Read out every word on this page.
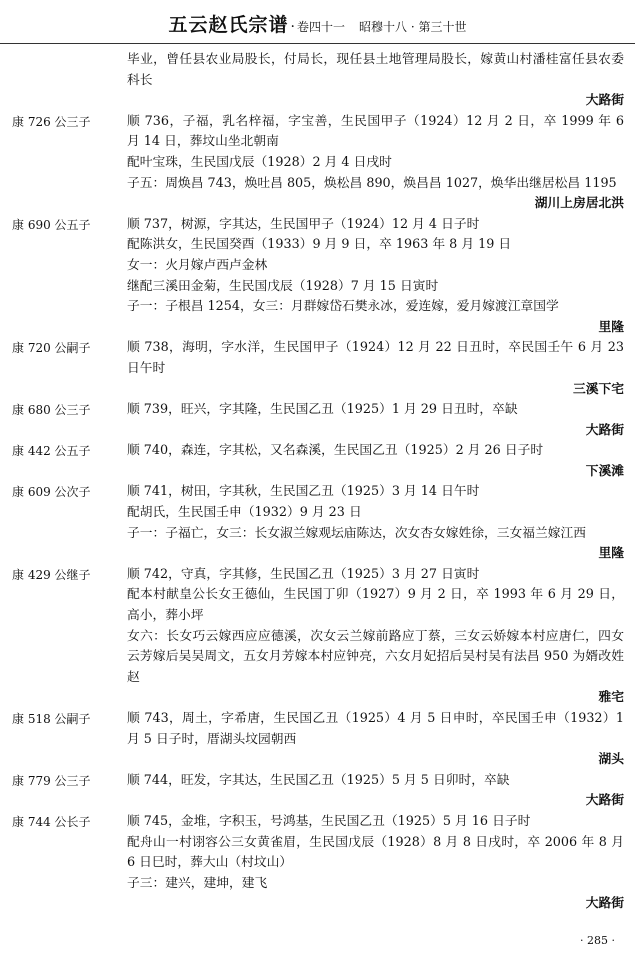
五云赵氏宗谱 · 卷四十一 昭穆十八 · 第三十世
毕业，曾任县农业局股长，付局长，现任县土地管理局股长，嫁黄山村潘桂富任县农委科长
大路街
康 726 公三子	顺 736，子福，乳名梓福，字宝善，生民国甲子（1924）12 月 2 日，卒 1999 年 6 月 14 日，葬坟山坐北朝南
配叶宝珠，生民国戊辰（1928）2 月 4 日戌时
子五：周焕昌 743，焕吐昌 805，焕松昌 890，焕昌昌 1027，焕华出继居松昌 1195
湖川上房居北洪
康 690 公五子	顺 737，树源，字其达，生民国甲子（1924）12 月 4 日子时
配陈洪女，生民国癸酉（1933）9 月 9 日，卒 1963 年 8 月 19 日
女一：火月嫁卢西卢金林
继配三溪田金菊，生民国戊辰（1928）7 月 15 日寅时
子一：子根昌 1254，女三：月群嫁岱石樊永冰，爱连嫁，爱月嫁渡江章国学
里隆
康 720 公嗣子	顺 738，海明，字水洋，生民国甲子（1924）12 月 22 日丑时，卒民国壬午 6 月 23 日午时
三溪下宅
康 680 公三子	顺 739，旺兴，字其隆，生民国乙丑（1925）1 月 29 日丑时，卒缺
大路街
康 442 公五子	顺 740，森连，字其松，又名森溪，生民国乙丑（1925）2 月 26 日子时
下溪滩
康 609 公次子	顺 741，树田，字其秋，生民国乙丑（1925）3 月 14 日午时
配胡氏，生民国壬申（1932）9 月 23 日
子一：子福亡，女三：长女淑兰嫁观坛庙陈达，次女杏女嫁姓徐，三女福兰嫁江西
里隆
康 429 公继子	顺 742，守真，字其修，生民国乙丑（1925）3 月 27 日寅时
配本村献皇公长女王德仙，生民国丁卯（1927）9 月 2 日，卒 1993 年 6 月 29 日，高小，葬小坪
女六：长女巧云嫁西应应德溪，次女云兰嫁前路应丁蔡，三女云娇嫁本村应唐仁，四女云芳嫁后吴吴周文，五女月芳嫁本村应钟亮，六女月妃招后吴村吴有法昌 950 为婿改姓赵
雅宅
康 518 公嗣子	顺 743，周土，字希唐，生民国乙丑（1925）4 月 5 日申时，卒民国壬申（1932）1 月 5 日子时，厝湖头坟园朝西
湖头
康 779 公三子	顺 744，旺发，字其达，生民国乙丑（1925）5 月 5 日卯时，卒缺
大路街
康 744 公长子	顺 745，金堆，字积玉，号鸿基，生民国乙丑（1925）5 月 16 日子时
配舟山一村诩容公三女黄雀眉，生民国戊辰（1928）8 月 8 日戌时，卒 2006 年 8 月 6 日巳时，葬大山（村坟山）
子三：建兴，建坤，建飞
大路街
· 285 ·
